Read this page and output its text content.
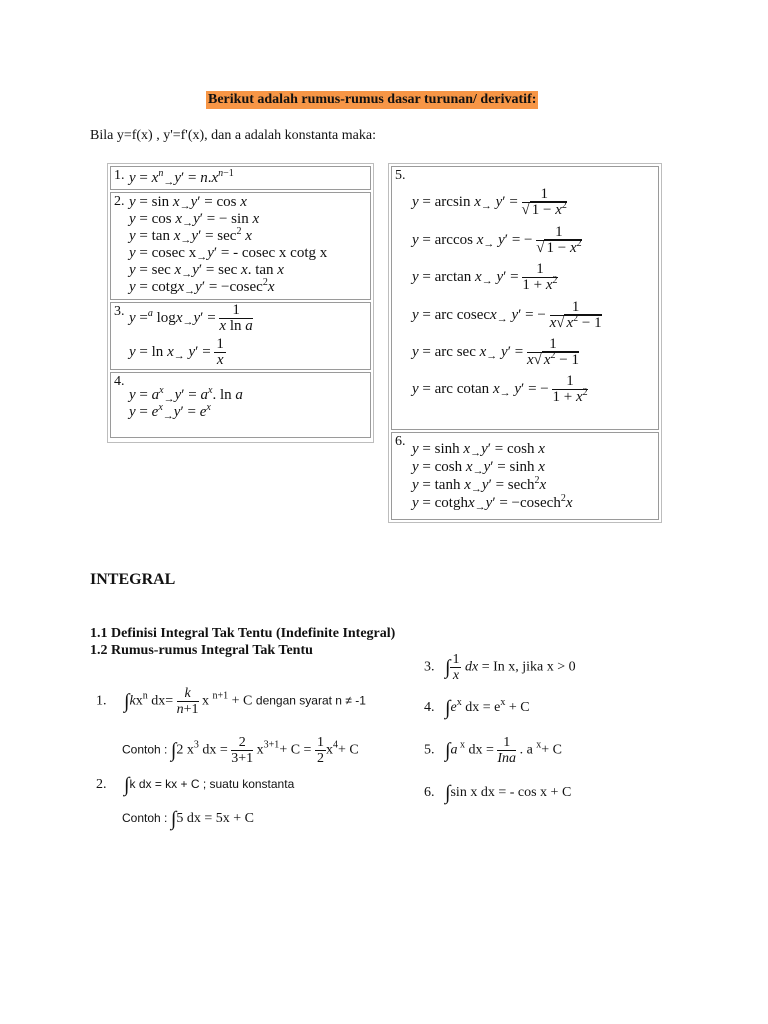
Berikut adalah rumus-rumus dasar turunan/ derivatif:
Bila y=f(x) , y'=f'(x), dan a adalah konstanta maka:
1. $y = x^n_\to y' = n.x^{n-1}$
2. $y = \sin x_\to y' = \cos x$
$y = \cos x_\to y'$ = − sin x
$y = \tan x_\to y' = \sec^2 x$
y = cosec $x_\to y'$ = - cosec x cotg x
$y = \sec x_\to y' = \sec x$. tan x
y = cotgx$_\to$y′ = −cosec$^2$x
3. y =$^a$ $\log x_\to y' = \frac{1}{\text{x ln a}}$
$y = \ln x_\to$ $y' = \frac{1}{x}$
4.
$y = a^x_\to y' = a^x$. ln a
$y = e^x_\to y' = e^x$
5.
$y = \arcsin x_\to$ $y' = \frac{1}{√ 1 - x^2}$
$y = \arccos x_\to$ y′ = − $\frac{1}{√ 1 - x^2}$
$y = \arctan x_\to$ $y' = \frac{1}{1 + x^2}$
y = arc cosecx$_\to$ y′ = − $\frac{1}{x√ x^2 - 1}$
y = arc $\sec x_\to$ $y' = \frac{1}{x√ x^2 - 1}$
y = arc cotan $x_\to$ y′ = − $\frac{1}{1 + x^2}$
6. $y = \sinh x_\to y' = \cosh x$
$y = \cosh x_\to y' = \sinh x$
$y = \tanh x_\to y' = \sec h^2x$
y = cotghx$_\to$y′ = −cosech$^2$x
INTEGRAL
1.1 Definisi Integral Tak Tentu (Indefinite Integral)
1.2 Rumus-rumus Integral Tak Tentu
1. $\int kx^n$ $dx= \frac{k}{n+1}$ x $^{n+1}$ + C dengan syarat n ≠ -1
Contoh : ∫2 $x^3$ dx = $\frac{2}{3+1} x^{3+1}+ C = \frac{1}{2} x^4+ C$
2. ∫k dx = kx + C ; suatu konstanta
Contoh : ∫5 dx = 5x + C
3. ∫ $\frac{1}{x}$ dx = In x, jika x > 0
4. $\int e^x$ dx = $e^x + C$
5. ∫a $^x$ dx = $\frac{1}{\text{Ina}}$ . a $^x$+ C
6. ∫sin x dx = - cos x + C
